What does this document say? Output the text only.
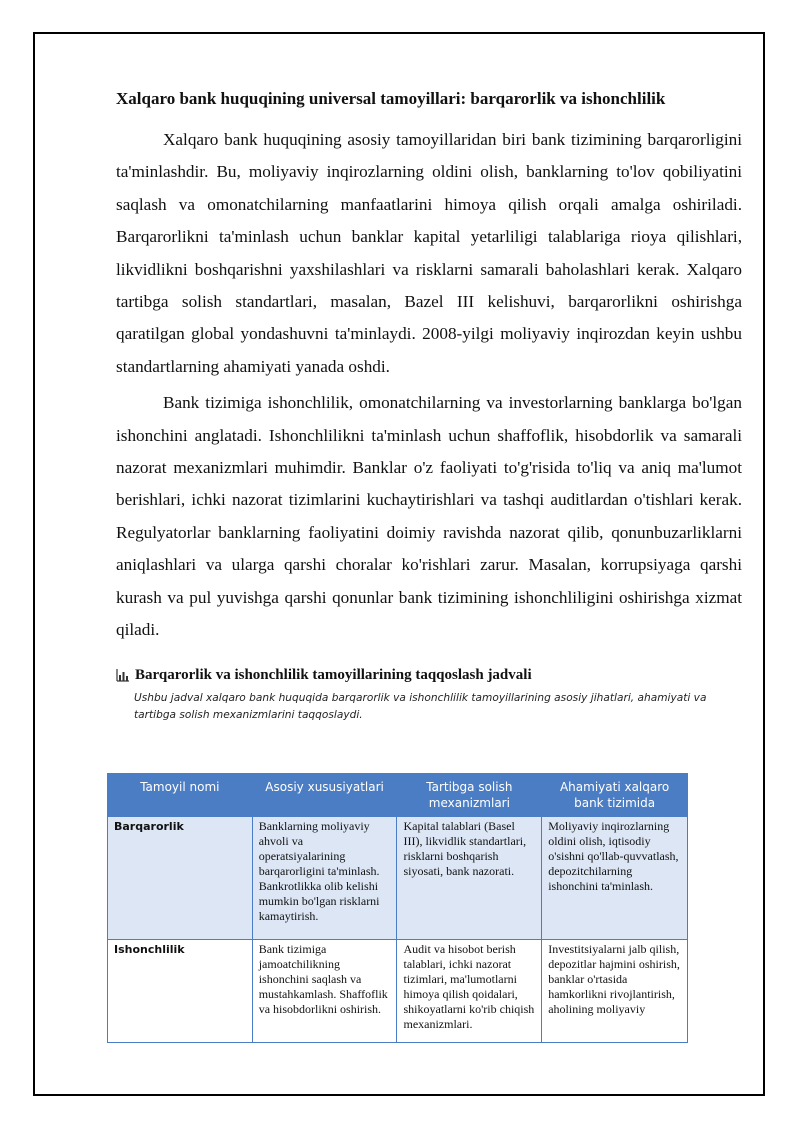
Xalqaro bank huquqining universal tamoyillari: barqarorlik va ishonchlilik

Xalqaro bank huquqining asosiy tamoyillaridan biri bank tizimining barqarorligini ta'minlashdir. Bu, moliyaviy inqirozlarning oldini olish, banklarning to'lov qobiliyatini saqlash va omonatchilarning manfaatlarini himoya qilish orqali amalga oshiriladi. Barqarorlikni ta'minlash uchun banklar kapital yetarliligi talablariga rioya qilishlari, likvidlikni boshqarishni yaxshilashlari va risklarni samarali baholashlari kerak. Xalqaro tartibga solish standartlari, masalan, Bazel III kelishuvi, barqarorlikni oshirishga qaratilgan global yondashuvni ta'minlaydi. 2008-yilgi moliyaviy inqirozdan keyin ushbu standartlarning ahamiyati yanada oshdi.

Bank tizimiga ishonchlilik, omonatchilarning va investorlarning banklarga bo'lgan ishonchini anglatadi. Ishonchlilikni ta'minlash uchun shaffoflik, hisobdorlik va samarali nazorat mexanizmlari muhimdir. Banklar o'z faoliyati to'g'risida to'liq va aniq ma'lumot berishlari, ichki nazorat tizimlarini kuchaytirishlari va tashqi auditlardan o'tishlari kerak. Regulyatorlar banklarning faoliyatini doimiy ravishda nazorat qilib, qonunbuzarliklarni aniqlashlari va ularga qarshi choralar ko'rishlari zarur. Masalan, korrupsiyaga qarshi kurash va pul yuvishga qarshi qonunlar bank tizimining ishonchliligini oshirishga xizmat qiladi.

Barqarorlik va ishonchlilik tamoyillarining taqqoslash jadvali
Ushbu jadval xalqaro bank huquqida barqarorlik va ishonchlilik tamoyillarining asosiy jihatlari, ahamiyati va tartibga solish mexanizmlarini taqqoslaydi.
Tamoyil nomi	Asosiy xususiyatlari	Tartibga solish mexanizmlari	Ahamiyati xalqaro bank tizimida
Barqarorlik	Banklarning moliyaviy ahvoli va operatsiyalarining barqarorligini ta'minlash. Bankrotlikka olib kelishi mumkin bo'lgan risklarni kamaytirish.	Kapital talablari (Basel III), likvidlik standartlari, risklarni boshqarish siyosati, bank nazorati.	Moliyaviy inqirozlarning oldini olish, iqtisodiy o'sishni qo'llab-quvvatlash, depozitchilarning ishonchini ta'minlash.
Ishonchlilik	Bank tizimiga jamoatchilikning ishonchini saqlash va mustahkamlash. Shaffoflik va hisobdorlikni oshirish.	Audit va hisobot berish talablari, ichki nazorat tizimlari, ma'lumotlarni himoya qilish qoidalari, shikoyatlarni ko'rib chiqish mexanizmlari.	Investitsiyalarni jalb qilish, depozitlar hajmini oshirish, banklar o'rtasida hamkorlikni rivojlantirish, aholining moliyaviy
